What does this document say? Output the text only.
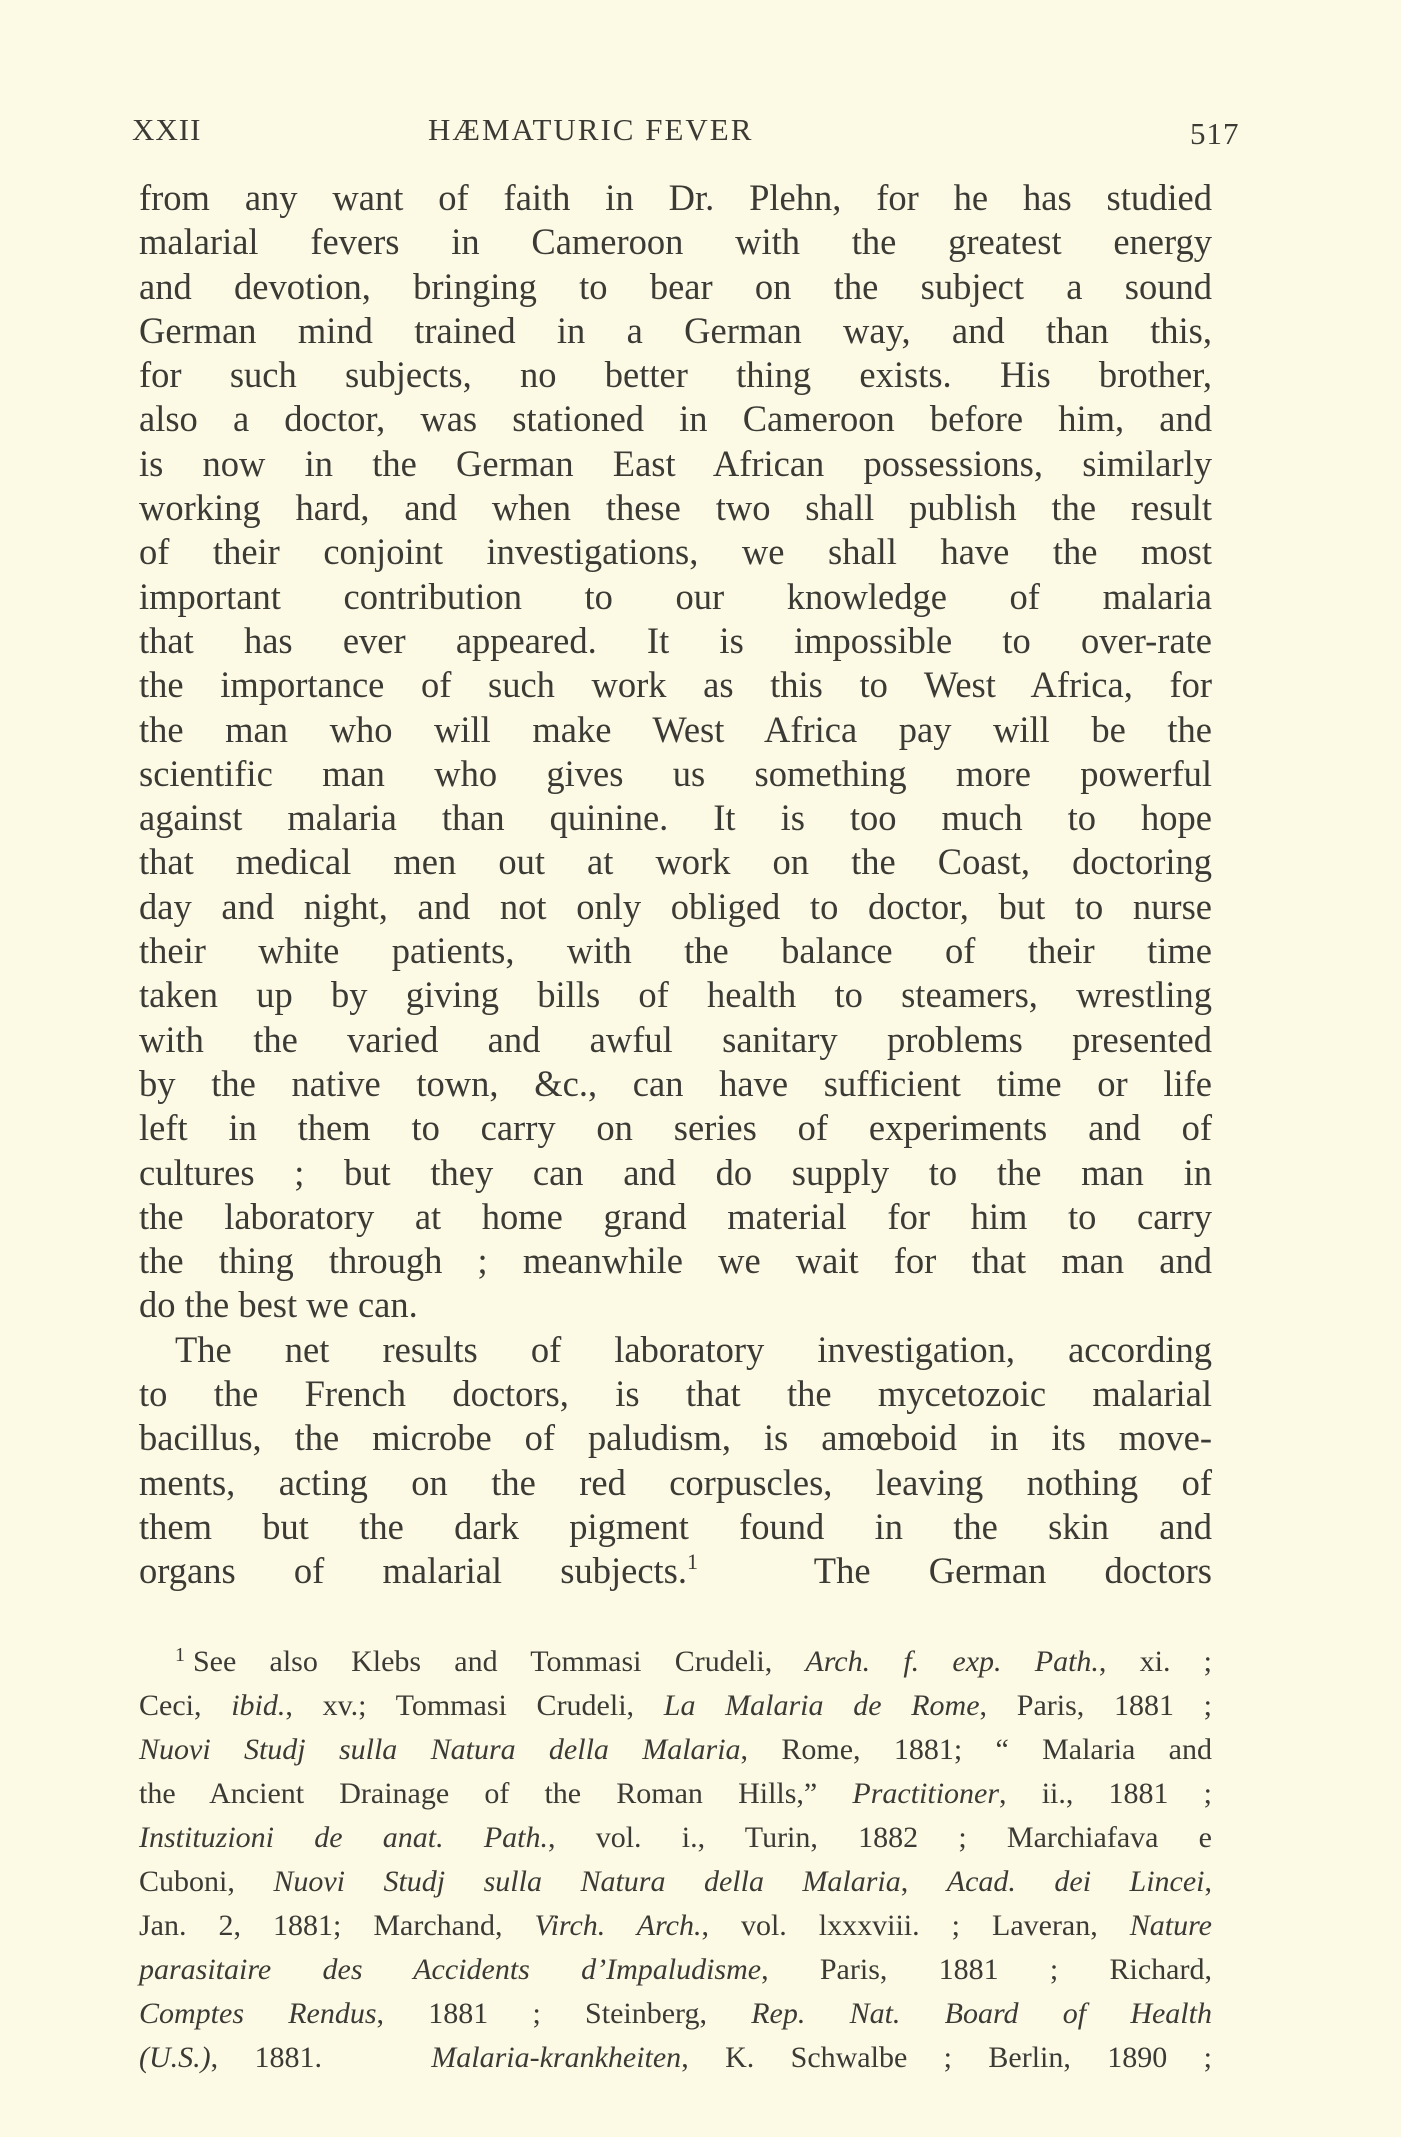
XXII	HÆMATURIC FEVER	517
from any want of faith in Dr. Plehn, for he has studied
malarial fevers in Cameroon with the greatest energy
and devotion, bringing to bear on the subject a sound
German mind trained in a German way, and than this,
for such subjects, no better thing exists. His brother,
also a doctor, was stationed in Cameroon before him, and
is now in the German East African possessions, similarly
working hard, and when these two shall publish the result
of their conjoint investigations, we shall have the most
important contribution to our knowledge of malaria
that has ever appeared. It is impossible to over-rate
the importance of such work as this to West Africa, for
the man who will make West Africa pay will be the
scientific man who gives us something more powerful
against malaria than quinine. It is too much to hope
that medical men out at work on the Coast, doctoring
day and night, and not only obliged to doctor, but to nurse
their white patients, with the balance of their time
taken up by giving bills of health to steamers, wrestling
with the varied and awful sanitary problems presented
by the native town, &c., can have sufficient time or life
left in them to carry on series of experiments and of
cultures ; but they can and do supply to the man in
the laboratory at home grand material for him to carry
the thing through ; meanwhile we wait for that man and
do the best we can.
The net results of laboratory investigation, according
to the French doctors, is that the mycetozoic malarial
bacillus, the microbe of paludism, is amœboid in its move-
ments, acting on the red corpuscles, leaving nothing of
them but the dark pigment found in the skin and
organs of malarial subjects.$^1$  The German doctors
$^1$ See also Klebs and Tommasi Crudeli, Arch. f. exp. Path., xi. ;
Ceci, ibid., xv.; Tommasi Crudeli, La Malaria de Rome, Paris, 1881 ;
Nuovi Studj sulla Natura della Malaria, Rome, 1881; “ Malaria and
the Ancient Drainage of the Roman Hills,” Practitioner, ii., 1881 ;
Instituzioni de anat. Path., vol. i., Turin, 1882 ; Marchiafava e
Cuboni, Nuovi Studj sulla Natura della Malaria, Acad. dei Lincei,
Jan. 2, 1881; Marchand, Virch. Arch., vol. lxxxviii. ; Laveran, Nature
parasitaire des Accidents d’Impaludisme, Paris, 1881 ; Richard,
Comptes Rendus, 1881 ; Steinberg, Rep. Nat. Board of Health
(U.S.), 1881.   Malaria-krankheiten, K. Schwalbe ; Berlin, 1890 ;
